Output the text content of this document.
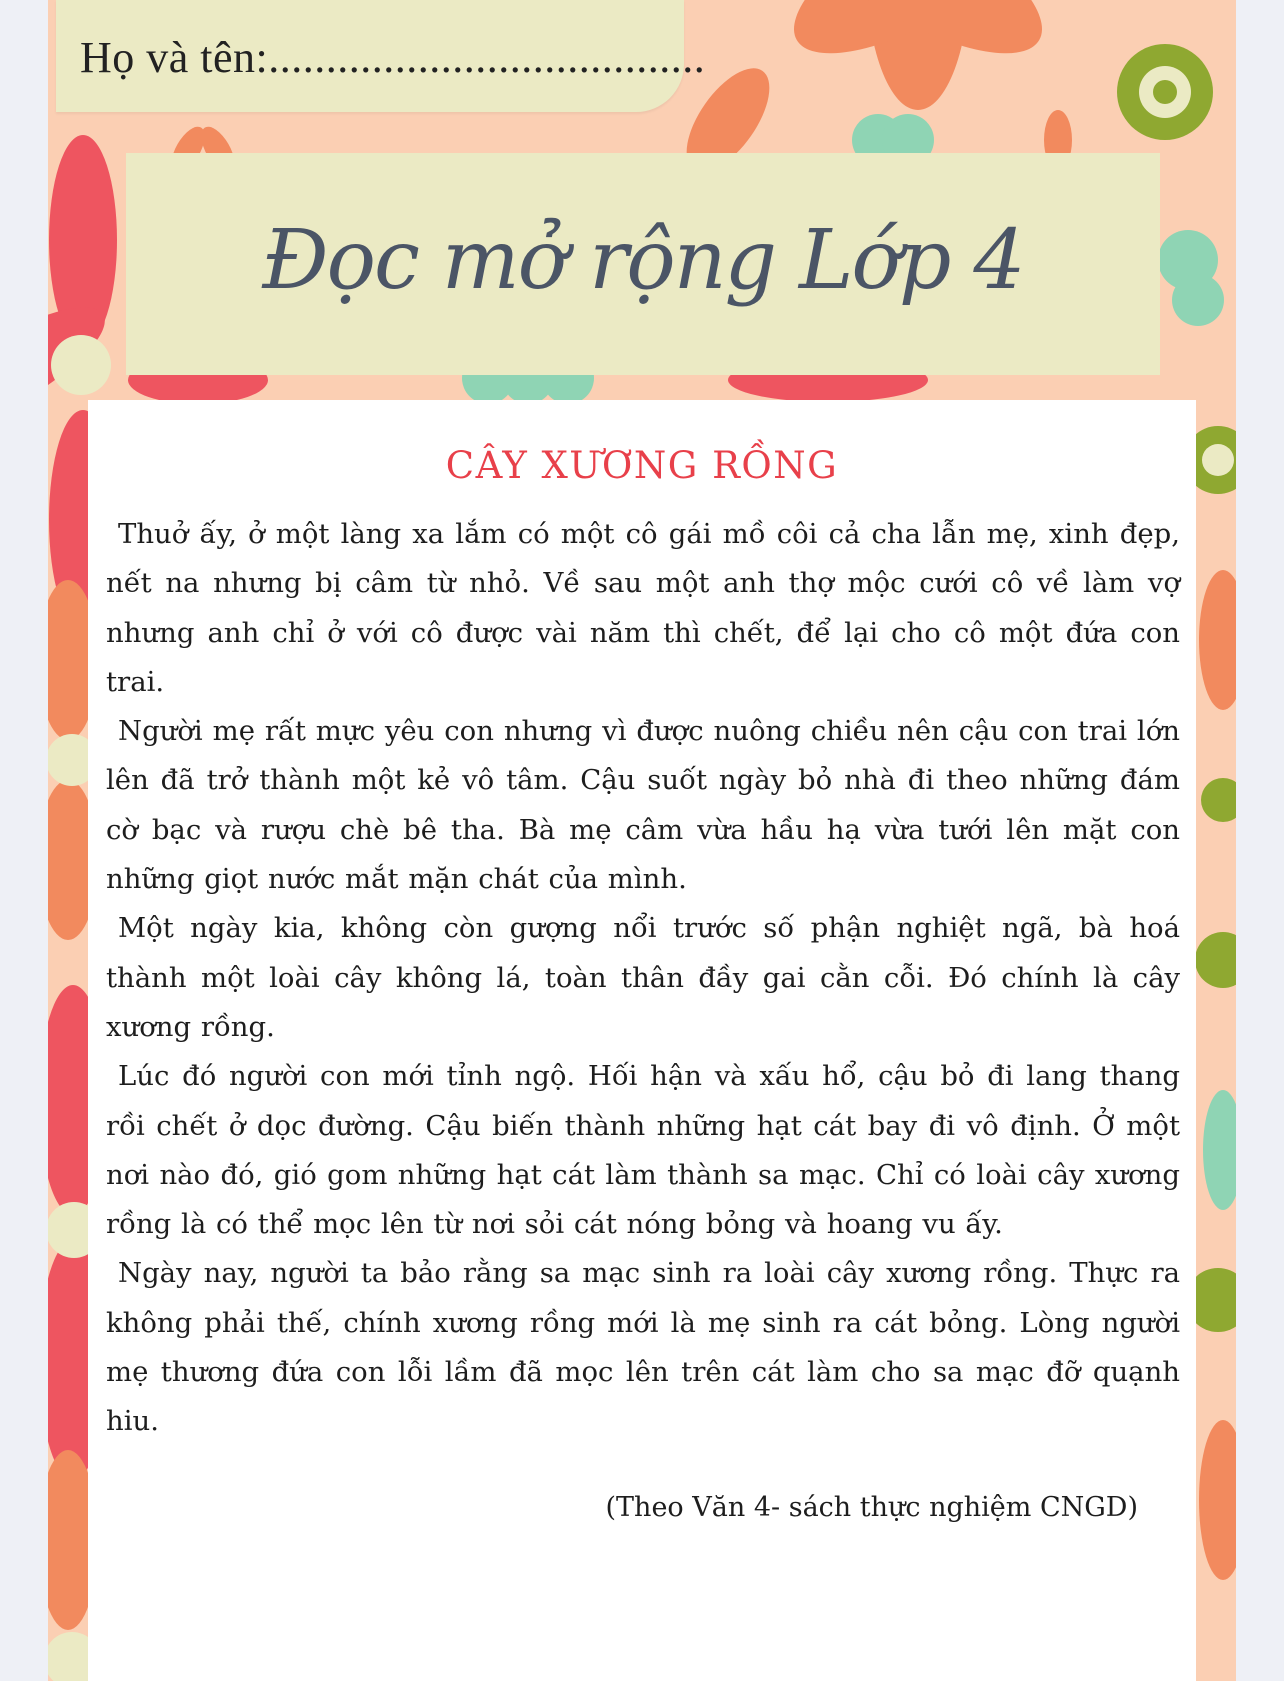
Họ và tên:......................................
Đọc mở rộng Lớp 4
CÂY XƯƠNG RỒNG

Thuở ấy, ở một làng xa lắm có một cô gái mồ côi cả cha lẫn mẹ, xinh đẹp, nết na nhưng bị câm từ nhỏ. Về sau một anh thợ mộc cưới cô về làm vợ nhưng anh chỉ ở với cô được vài năm thì chết, để lại cho cô một đứa con trai.

Người mẹ rất mực yêu con nhưng vì được nuông chiều nên cậu con trai lớn lên đã trở thành một kẻ vô tâm. Cậu suốt ngày bỏ nhà đi theo những đám cờ bạc và rượu chè bê tha. Bà mẹ câm vừa hầu hạ vừa tưới lên mặt con những giọt nước mắt mặn chát của mình.

Một ngày kia, không còn gượng nổi trước số phận nghiệt ngã, bà hoá thành một loài cây không lá, toàn thân đầy gai cằn cỗi. Đó chính là cây xương rồng.

Lúc đó người con mới tỉnh ngộ. Hối hận và xấu hổ, cậu bỏ đi lang thang rồi chết ở dọc đường. Cậu biến thành những hạt cát bay đi vô định. Ở một nơi nào đó, gió gom những hạt cát làm thành sa mạc. Chỉ có loài cây xương rồng là có thể mọc lên từ nơi sỏi cát nóng bỏng và hoang vu ấy.

Ngày nay, người ta bảo rằng sa mạc sinh ra loài cây xương rồng. Thực ra không phải thế, chính xương rồng mới là mẹ sinh ra cát bỏng. Lòng người mẹ thương đứa con lỗi lầm đã mọc lên trên cát làm cho sa mạc đỡ quạnh hiu.

(Theo Văn 4- sách thực nghiệm CNGD)
